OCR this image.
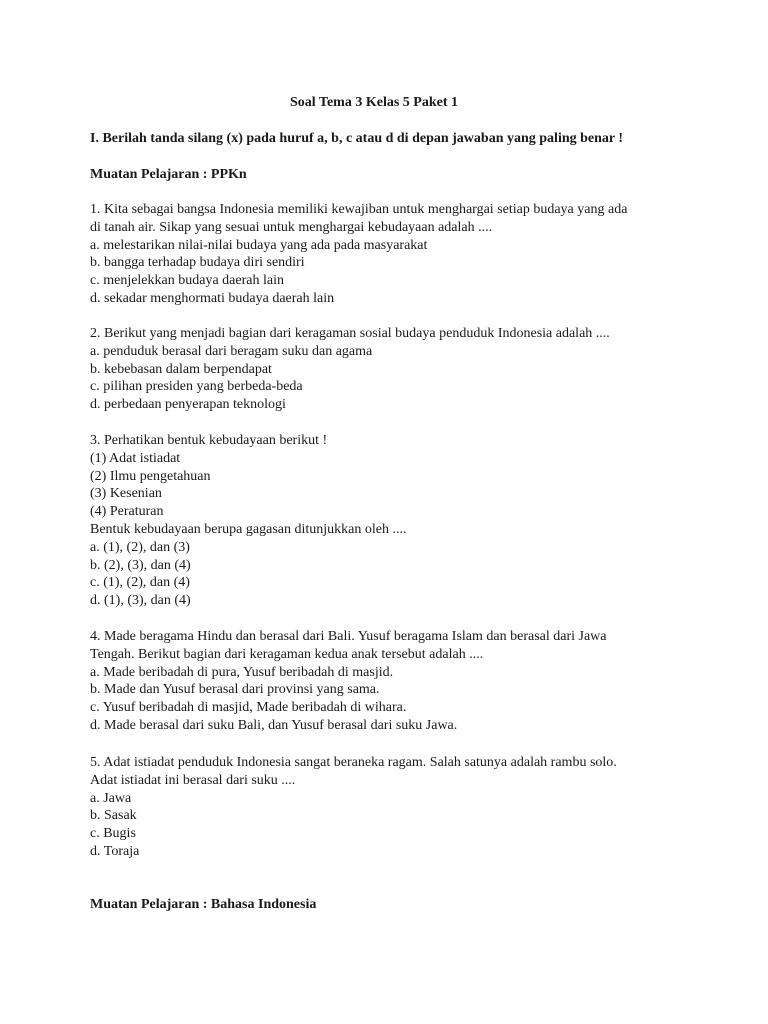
Soal Tema 3 Kelas 5 Paket 1
I. Berilah tanda silang (x) pada huruf a, b, c atau d di depan jawaban yang paling benar !
Muatan Pelajaran : PPKn
1. Kita sebagai bangsa Indonesia memiliki kewajiban untuk menghargai setiap budaya yang ada
di tanah air. Sikap yang sesuai untuk menghargai kebudayaan adalah ....
a. melestarikan nilai-nilai budaya yang ada pada masyarakat
b. bangga terhadap budaya diri sendiri
c. menjelekkan budaya daerah lain
d. sekadar menghormati budaya daerah lain
2. Berikut yang menjadi bagian dari keragaman sosial budaya penduduk Indonesia adalah ....
a. penduduk berasal dari beragam suku dan agama
b. kebebasan dalam berpendapat
c. pilihan presiden yang berbeda-beda
d. perbedaan penyerapan teknologi
3. Perhatikan bentuk kebudayaan berikut !
(1) Adat istiadat
(2) Ilmu pengetahuan
(3) Kesenian
(4) Peraturan
Bentuk kebudayaan berupa gagasan ditunjukkan oleh ....
a. (1), (2), dan (3)
b. (2), (3), dan (4)
c. (1), (2), dan (4)
d. (1), (3), dan (4)
4. Made beragama Hindu dan berasal dari Bali. Yusuf beragama Islam dan berasal dari Jawa
Tengah. Berikut bagian dari keragaman kedua anak tersebut adalah ....
a. Made beribadah di pura, Yusuf beribadah di masjid.
b. Made dan Yusuf berasal dari provinsi yang sama.
c. Yusuf beribadah di masjid, Made beribadah di wihara.
d. Made berasal dari suku Bali, dan Yusuf berasal dari suku Jawa.
5. Adat istiadat penduduk Indonesia sangat beraneka ragam. Salah satunya adalah rambu solo.
Adat istiadat ini berasal dari suku ....
a. Jawa
b. Sasak
c. Bugis
d. Toraja
Muatan Pelajaran : Bahasa Indonesia
